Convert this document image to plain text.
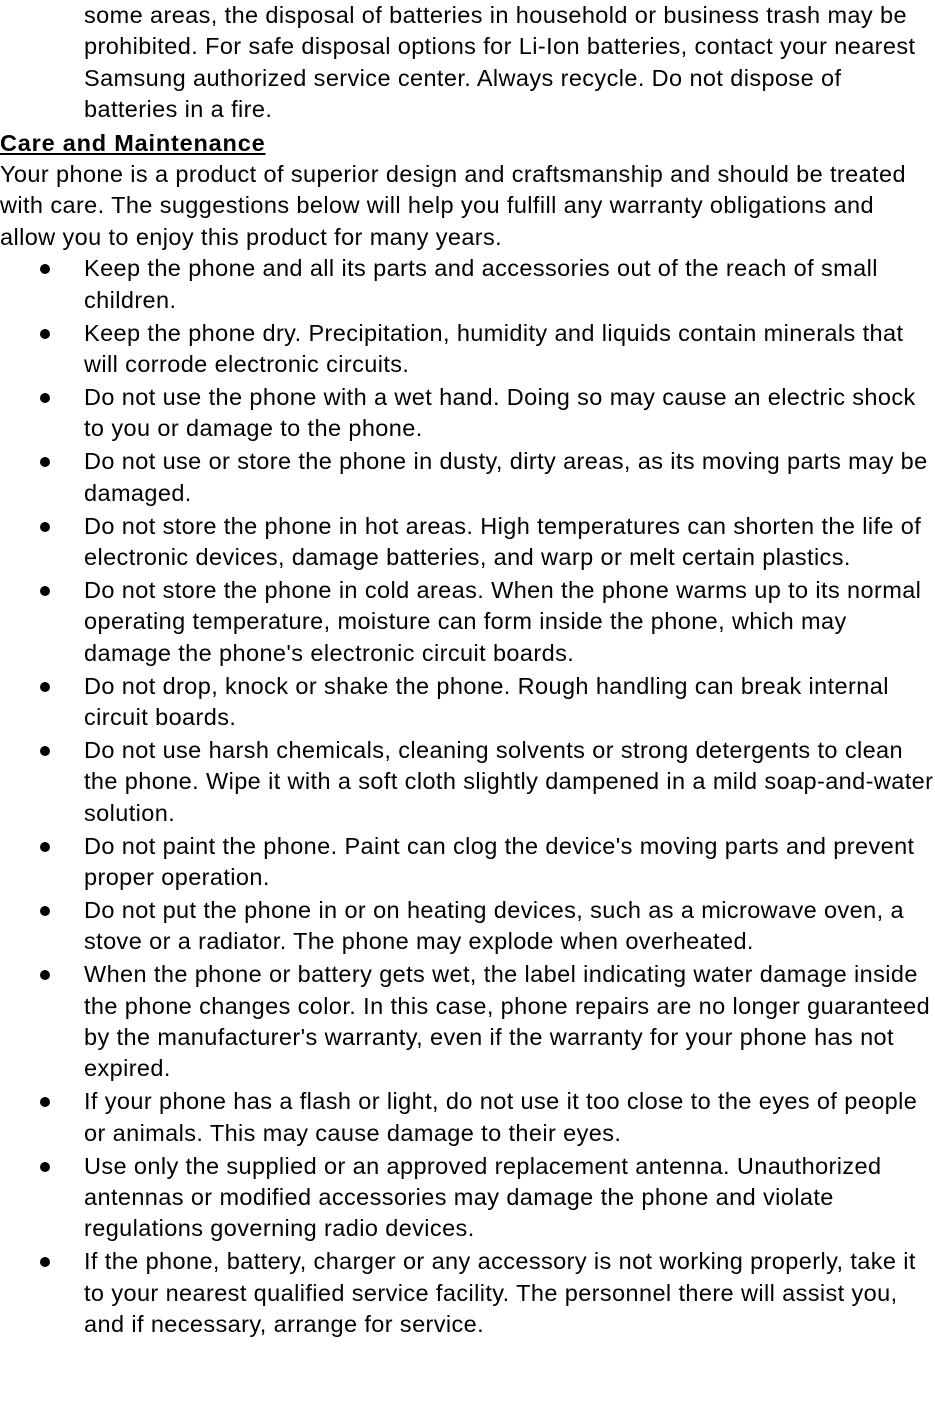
some areas, the disposal of batteries in household or business trash may be prohibited. For safe disposal options for Li-Ion batteries, contact your nearest Samsung authorized service center. Always recycle. Do not dispose of batteries in a fire.

Care and Maintenance

Your phone is a product of superior design and craftsmanship and should be treated with care. The suggestions below will help you fulfill any warranty obligations and allow you to enjoy this product for many years.

Keep the phone and all its parts and accessories out of the reach of small children.
Keep the phone dry. Precipitation, humidity and liquids contain minerals that will corrode electronic circuits.
Do not use the phone with a wet hand. Doing so may cause an electric shock to you or damage to the phone.
Do not use or store the phone in dusty, dirty areas, as its moving parts may be damaged.
Do not store the phone in hot areas. High temperatures can shorten the life of electronic devices, damage batteries, and warp or melt certain plastics.
Do not store the phone in cold areas. When the phone warms up to its normal operating temperature, moisture can form inside the phone, which may damage the phone's electronic circuit boards.
Do not drop, knock or shake the phone. Rough handling can break internal circuit boards.
Do not use harsh chemicals, cleaning solvents or strong detergents to clean the phone. Wipe it with a soft cloth slightly dampened in a mild soap-and-water solution.
Do not paint the phone. Paint can clog the device's moving parts and prevent proper operation.
Do not put the phone in or on heating devices, such as a microwave oven, a stove or a radiator. The phone may explode when overheated.
When the phone or battery gets wet, the label indicating water damage inside the phone changes color. In this case, phone repairs are no longer guaranteed by the manufacturer's warranty, even if the warranty for your phone has not expired.
If your phone has a flash or light, do not use it too close to the eyes of people or animals. This may cause damage to their eyes.
Use only the supplied or an approved replacement antenna. Unauthorized antennas or modified accessories may damage the phone and violate regulations governing radio devices.
If the phone, battery, charger or any accessory is not working properly, take it to your nearest qualified service facility. The personnel there will assist you, and if necessary, arrange for service.
